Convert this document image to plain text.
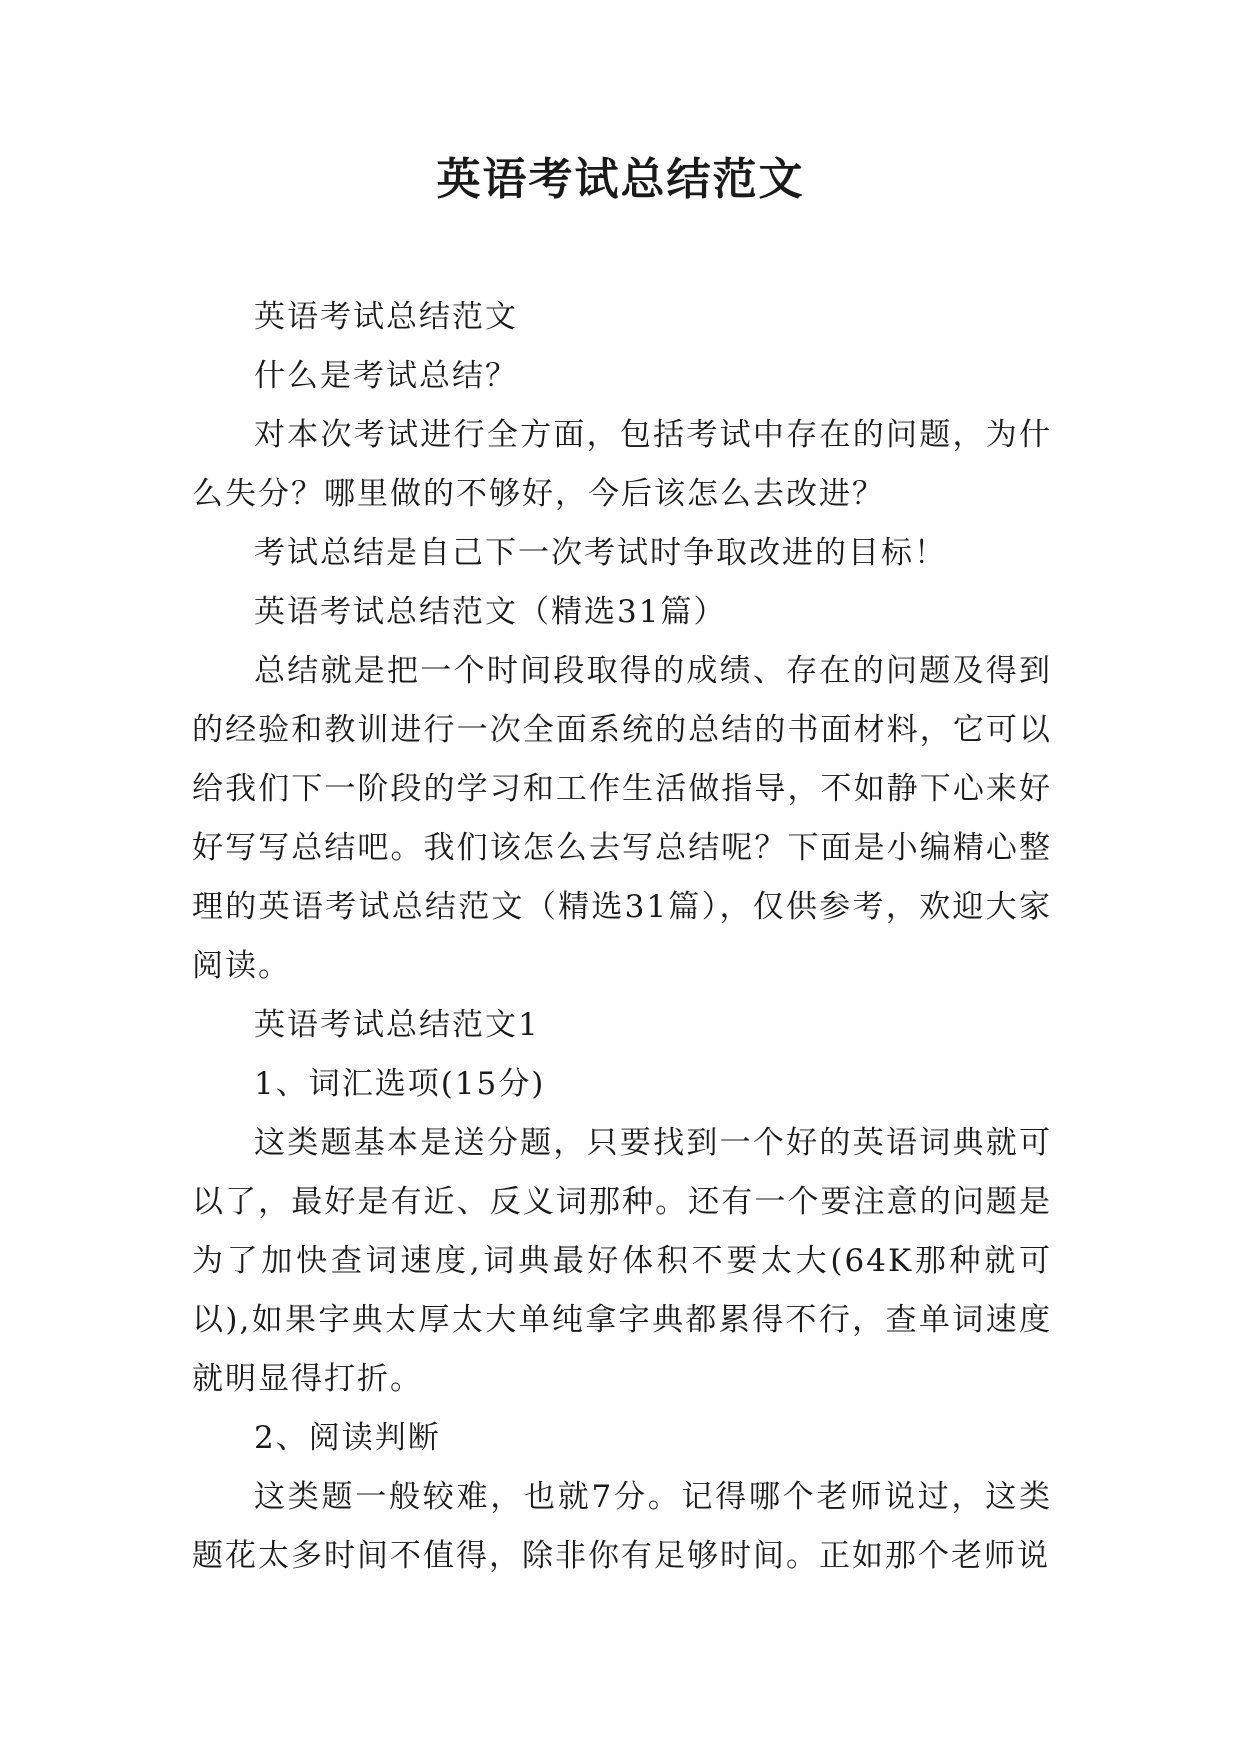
英语考试总结范文

英语考试总结范文

什么是考试总结？

对本次考试进行全方面，包括考试中存在的问题，为什么失分？哪里做的不够好，今后该怎么去改进？

考试总结是自己下一次考试时争取改进的目标！

英语考试总结范文（精选31篇）

总结就是把一个时间段取得的成绩、存在的问题及得到的经验和教训进行一次全面系统的总结的书面材料，它可以给我们下一阶段的学习和工作生活做指导，不如静下心来好好写写总结吧。我们该怎么去写总结呢？下面是小编精心整理的英语考试总结范文（精选31篇），仅供参考，欢迎大家阅读。

英语考试总结范文1

1、词汇选项(15分)

这类题基本是送分题，只要找到一个好的英语词典就可以了，最好是有近、反义词那种。还有一个要注意的问题是为了加快查词速度,词典最好体积不要太大(64K那种就可以),如果字典太厚太大单纯拿字典都累得不行，查单词速度就明显得打折。

2、阅读判断

这类题一般较难，也就7分。记得哪个老师说过，这类题花太多时间不值得，除非你有足够时间。正如那个老师说
